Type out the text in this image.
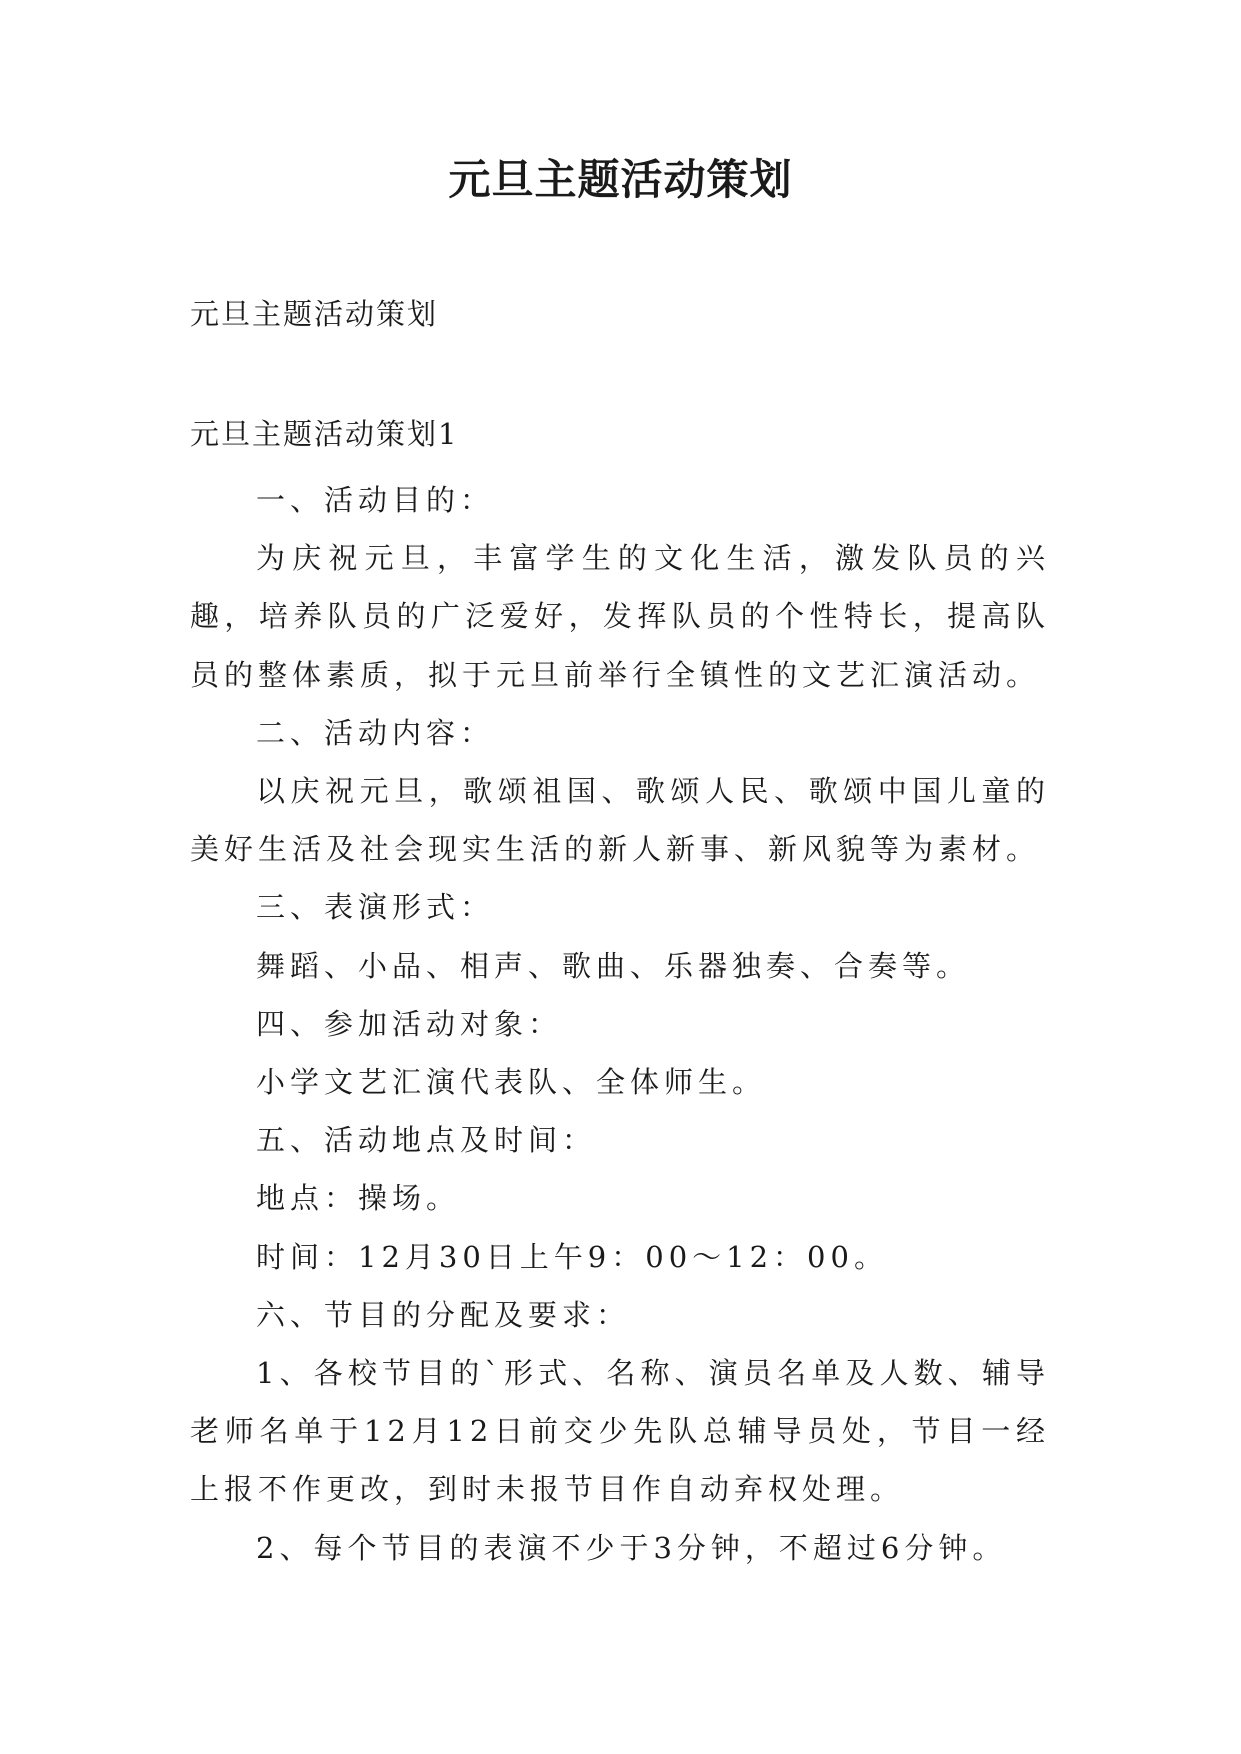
元旦主题活动策划
元旦主题活动策划
元旦主题活动策划1

一、活动目的：

为庆祝元旦，丰富学生的文化生活，激发队员的兴趣，培养队员的广泛爱好，发挥队员的个性特长，提高队员的整体素质，拟于元旦前举行全镇性的文艺汇演活动。

二、活动内容：

以庆祝元旦，歌颂祖国、歌颂人民、歌颂中国儿童的美好生活及社会现实生活的新人新事、新风貌等为素材。

三、表演形式：

舞蹈、小品、相声、歌曲、乐器独奏、合奏等。

四、参加活动对象：

小学文艺汇演代表队、全体师生。

五、活动地点及时间：

地点：操场。

时间：12月30日上午9：00～12：00。

六、节目的分配及要求：

1、各校节目的`形式、名称、演员名单及人数、辅导老师名单于12月12日前交少先队总辅导员处，节目一经上报不作更改，到时未报节目作自动弃权处理。

2、每个节目的表演不少于3分钟，不超过6分钟。
